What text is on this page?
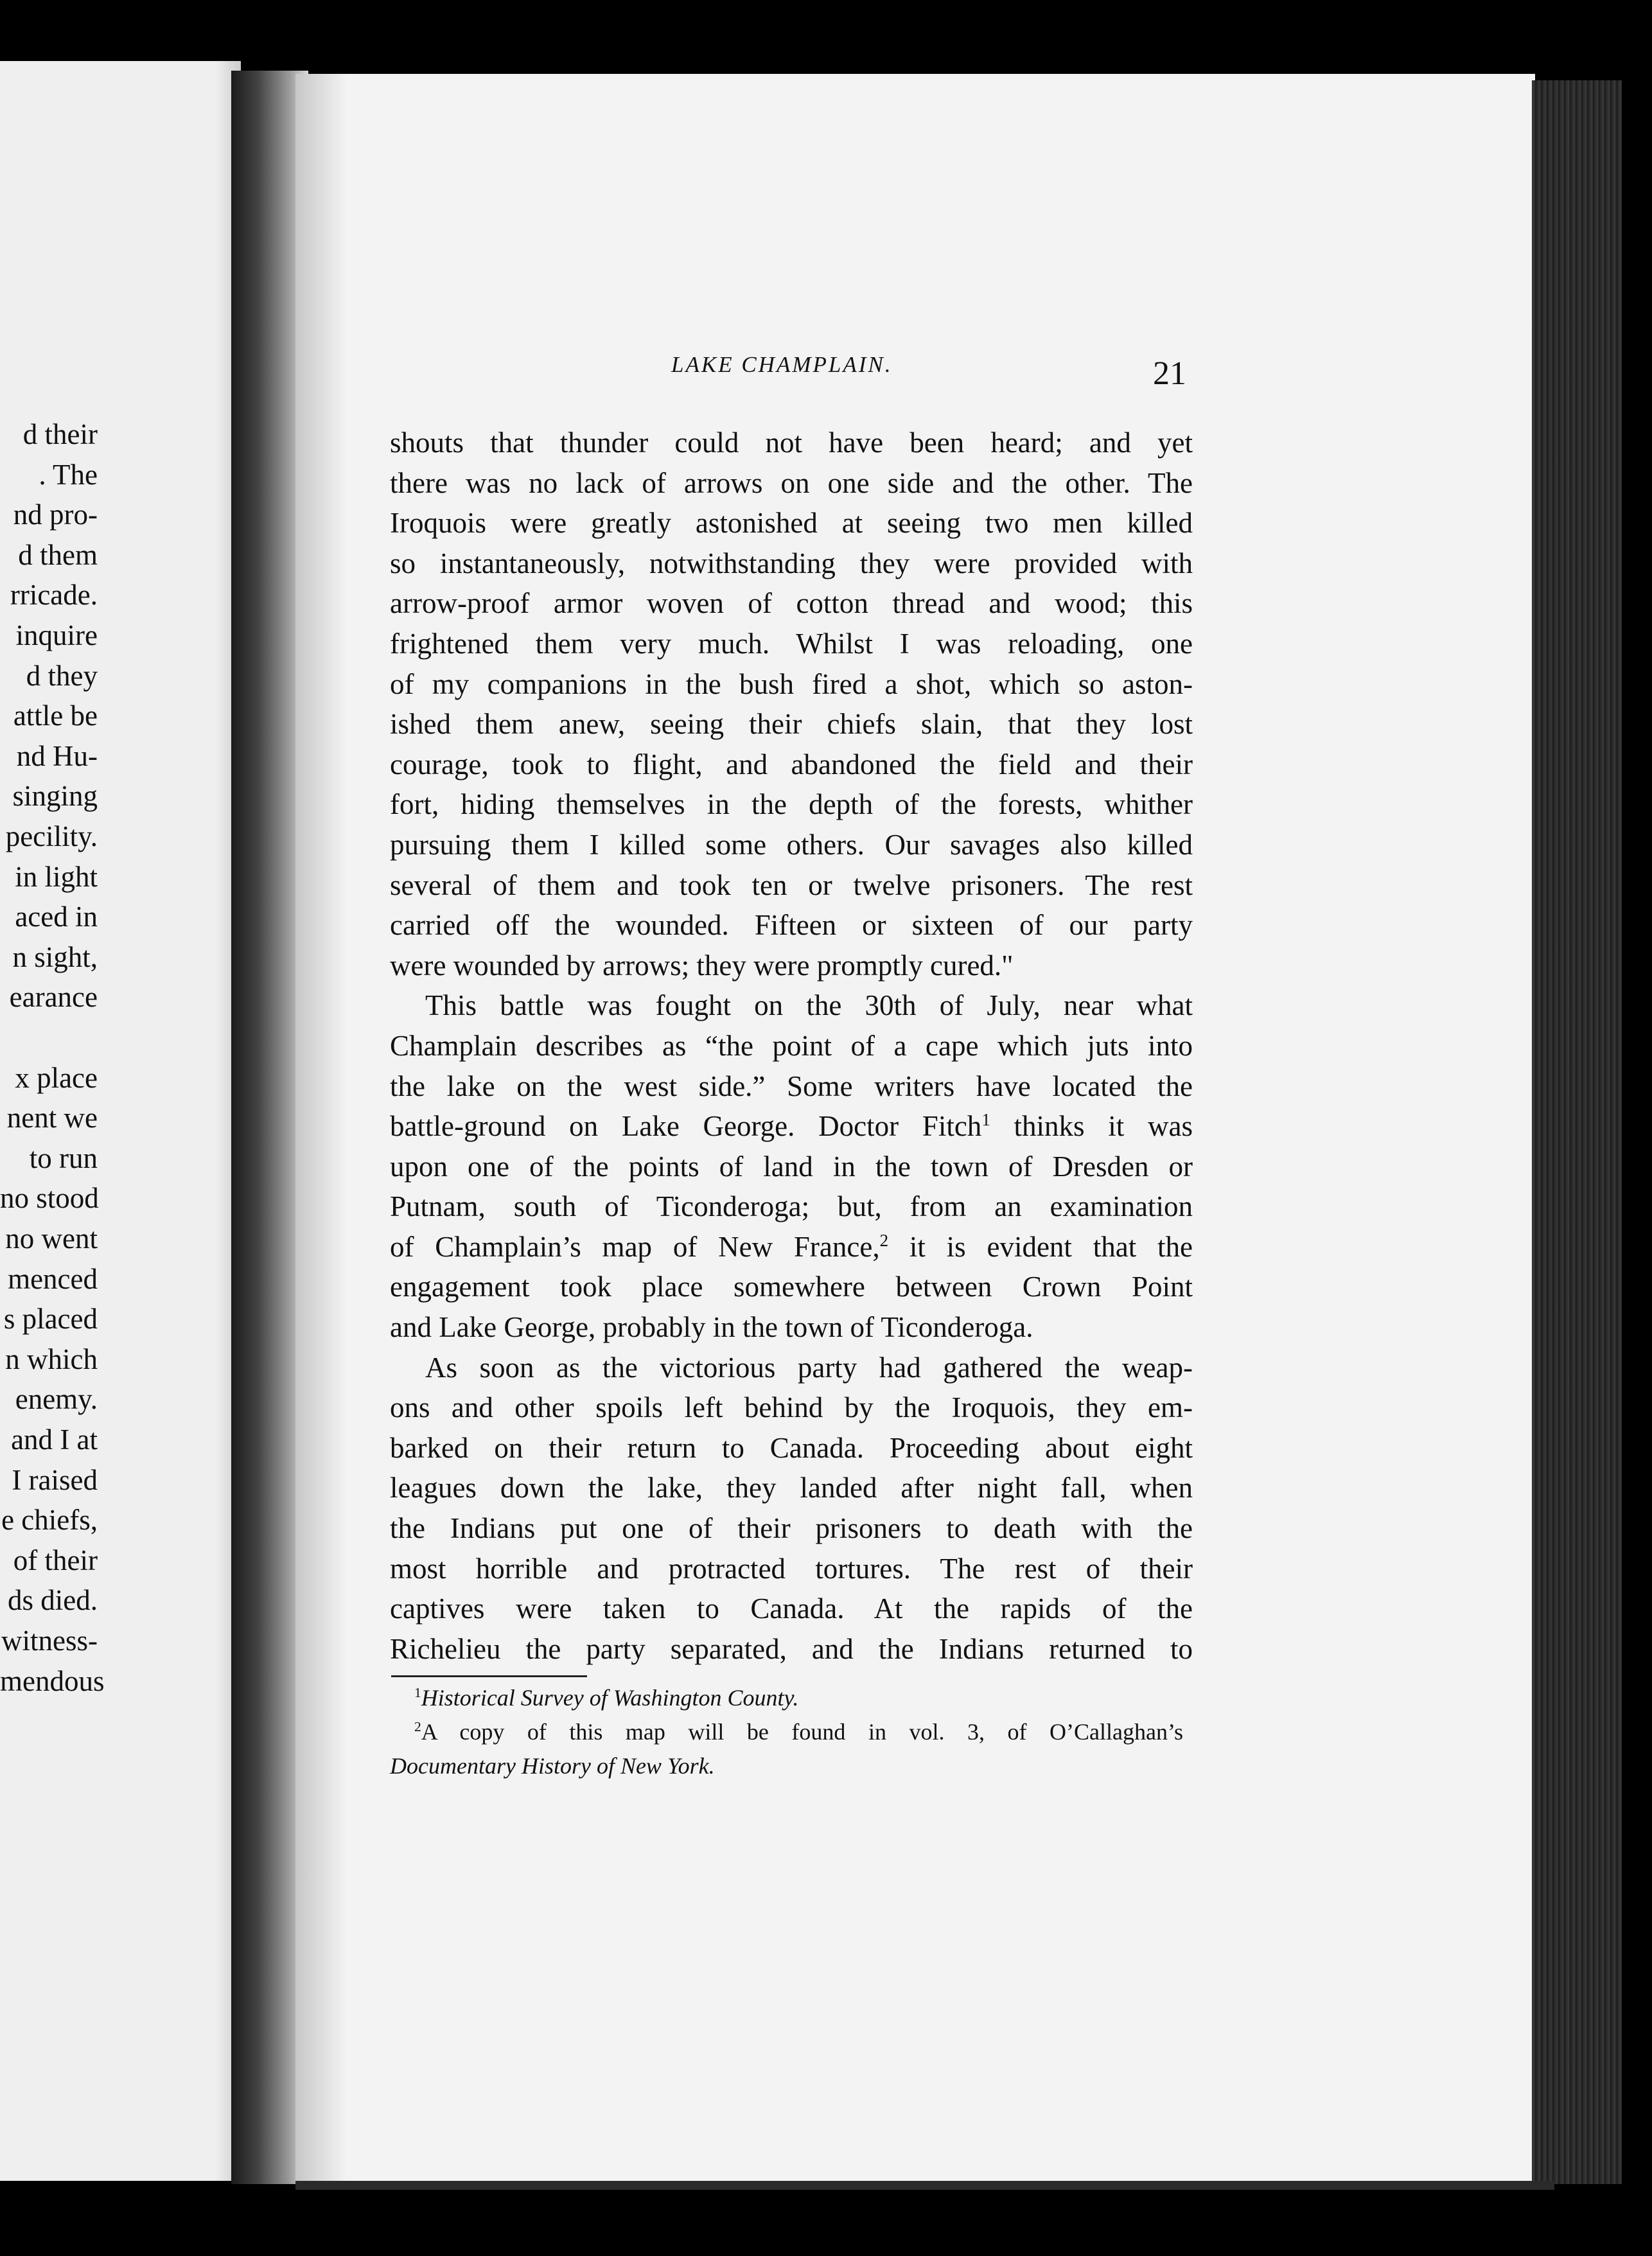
d their
. The
nd pro-
d them
rricade.
inquire
d they
attle be
nd Hu-
singing
pecility.
in light
aced in
n sight,
earance
x place
nent we
to run
no stood
no went
menced
s placed
n which
enemy.
and I at
I raised
e chiefs,
of their
ds died.
witness-
mendous
LAKE CHAMPLAIN.	21
shouts that thunder could not have been heard; and yet
there was no lack of arrows on one side and the other. The
Iroquois were greatly astonished at seeing two men killed
so instantaneously, notwithstanding they were provided with
arrow-proof armor woven of cotton thread and wood; this
frightened them very much. Whilst I was reloading, one
of my companions in the bush fired a shot, which so aston-
ished them anew, seeing their chiefs slain, that they lost
courage, took to flight, and abandoned the field and their
fort, hiding themselves in the depth of the forests, whither
pursuing them I killed some others. Our savages also killed
several of them and took ten or twelve prisoners. The rest
carried off the wounded. Fifteen or sixteen of our party
were wounded by arrows; they were promptly cured."
This battle was fought on the 30th of July, near what
Champlain describes as “the point of a cape which juts into
the lake on the west side.” Some writers have located the
battle-ground on Lake George. Doctor Fitch$^1$ thinks it was
upon one of the points of land in the town of Dresden or
Putnam, south of Ticonderoga; but, from an examination
of Champlain’s map of New France,$^2$ it is evident that the
engagement took place somewhere between Crown Point
and Lake George, probably in the town of Ticonderoga.
As soon as the victorious party had gathered the weap-
ons and other spoils left behind by the Iroquois, they em-
barked on their return to Canada. Proceeding about eight
leagues down the lake, they landed after night fall, when
the Indians put one of their prisoners to death with the
most horrible and protracted tortures. The rest of their
captives were taken to Canada. At the rapids of the
Richelieu the party separated, and the Indians returned to
$^1$Historical Survey of Washington County.
$^2$A copy of this map will be found in vol. 3, of O’Callaghan’s
Documentary History of New York.
